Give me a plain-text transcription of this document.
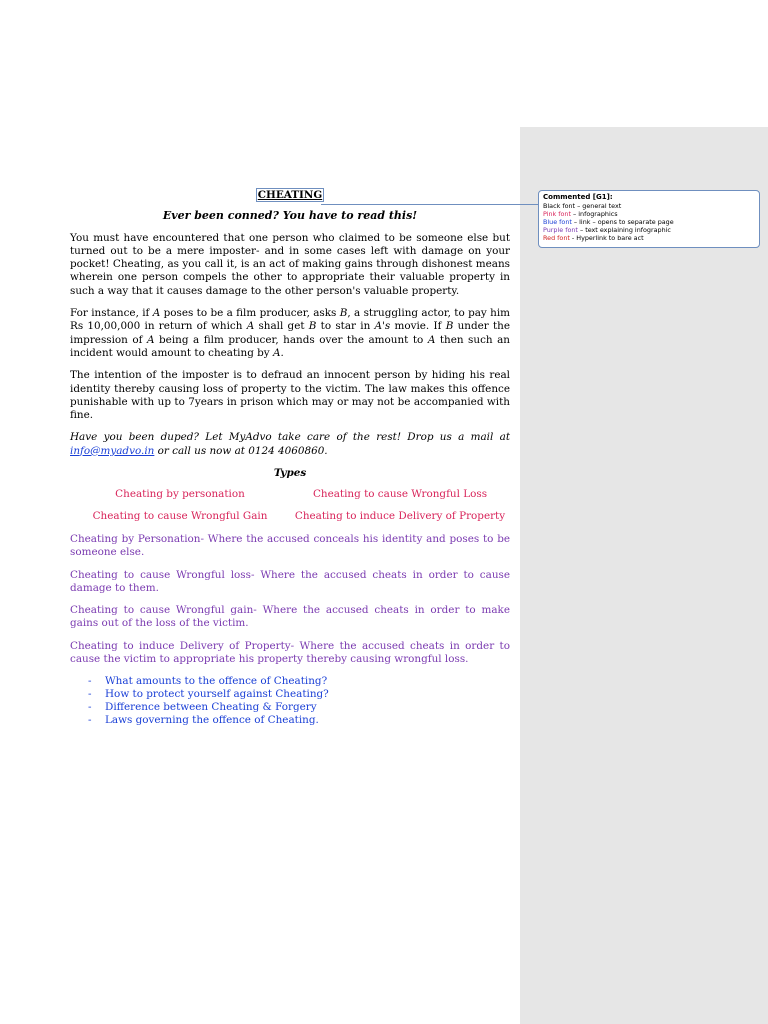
CHEATING
Ever been conned? You have to read this!

You must have encountered that one person who claimed to be someone else but turned out to be a mere imposter- and in some cases left with damage on your pocket! Cheating, as you call it, is an act of making gains through dishonest means wherein one person compels the other to appropriate their valuable property in such a way that it causes damage to the other person's valuable property.

For instance, if A poses to be a film producer, asks B, a struggling actor, to pay him Rs 10,00,000 in return of which A shall get B to star in A's movie. If B under the impression of A being a film producer, hands over the amount to A then such an incident would amount to cheating by A.

The intention of the imposter is to defraud an innocent person by hiding his real identity thereby causing loss of property to the victim. The law makes this offence punishable with up to 7years in prison which may or may not be accompanied with fine.

Have you been duped? Let MyAdvo take care of the rest! Drop us a mail at info@myadvo.in or call us now at 0124 4060860.
Types
Cheating by personation	Cheating to cause Wrongful Loss
Cheating to cause Wrongful Gain	Cheating to induce Delivery of Property
Cheating by Personation- Where the accused conceals his identity and poses to be someone else.
Cheating to cause Wrongful loss- Where the accused cheats in order to cause damage to them.
Cheating to cause Wrongful gain- Where the accused cheats in order to make gains out of the loss of the victim.
Cheating to induce Delivery of Property- Where the accused cheats in order to cause the victim to appropriate his property thereby causing wrongful loss.
- What amounts to the offence of Cheating?
- How to protect yourself against Cheating?
- Difference between Cheating & Forgery
- Laws governing the offence of Cheating.
Commented [G1]:
Black font – general text
Pink font – infographics
Blue font – link – opens to separate page
Purple font – text explaining infographic
Red font - Hyperlink to bare act
